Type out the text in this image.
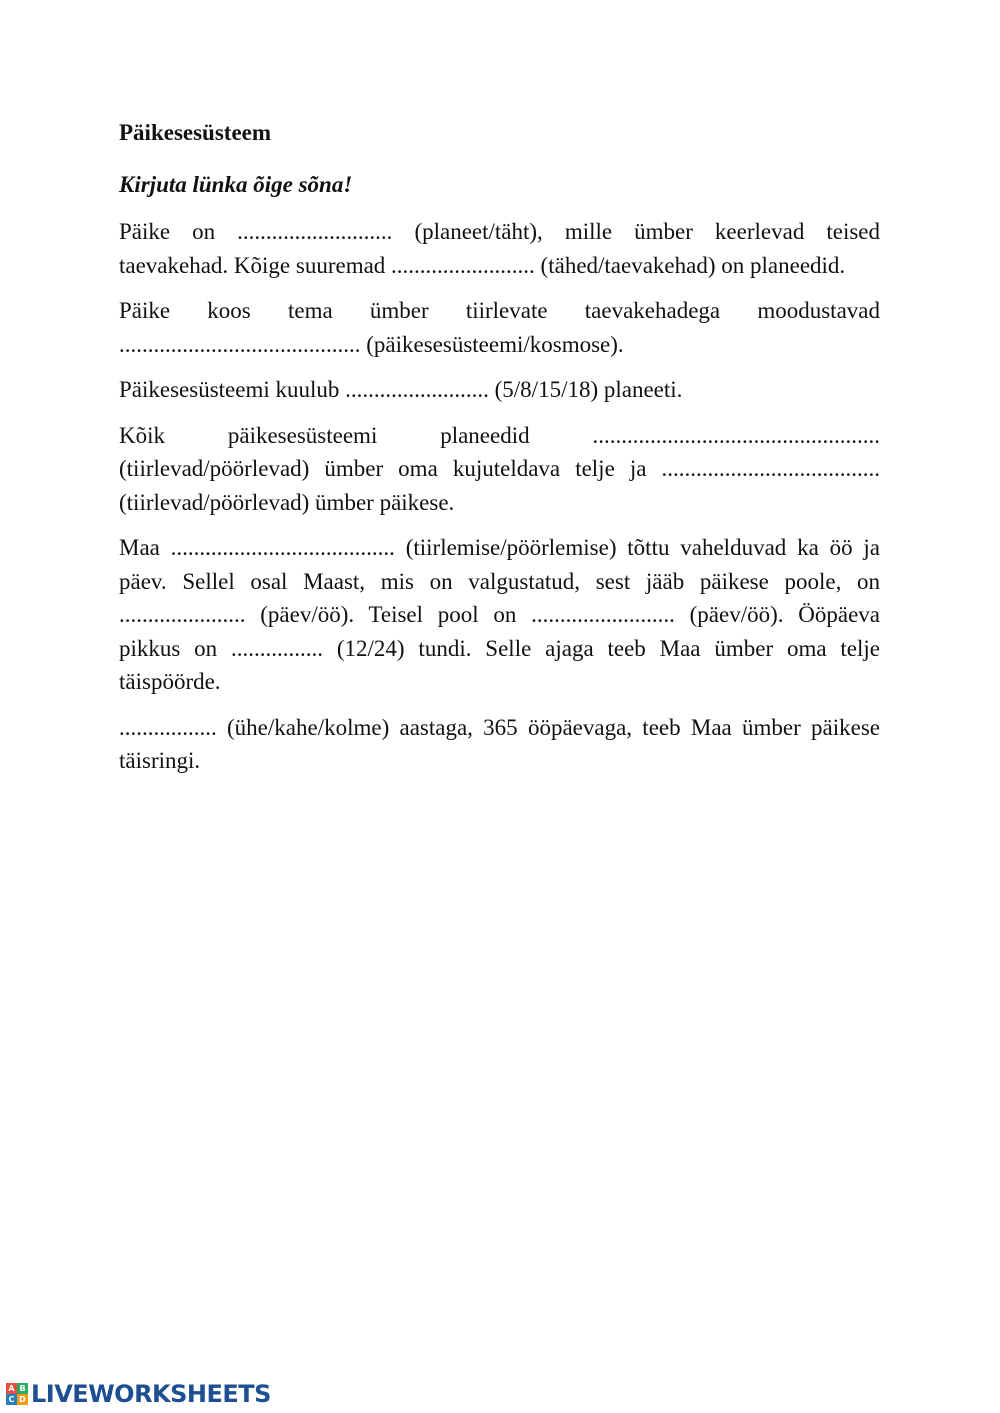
Päikesesüsteem
Kirjuta lünka õige sõna!

Päike on ........................... (planeet/täht), mille ümber keerlevad teised taevakehad. Kõige suuremad ......................... (tähed/taevakehad) on planeedid.

Päike koos tema ümber tiirlevate taevakehadega moodustavad .......................................... (päikesesüsteemi/kosmose).

Päikesesüsteemi kuulub ......................... (5/8/15/18) planeeti.

Kõik päikesesüsteemi planeedid .................................................. (tiirlevad/pöörlevad) ümber oma kujuteldava telje ja ...................................... (tiirlevad/pöörlevad) ümber päikese.

Maa ....................................... (tiirlemise/pöörlemise) tõttu vahelduvad ka öö ja päev. Sellel osal Maast, mis on valgustatud, sest jääb päikese poole, on ...................... (päev/öö). Teisel pool on ......................... (päev/öö). Ööpäeva pikkus on ................ (12/24) tundi. Selle ajaga teeb Maa ümber oma telje täispöörde.

................. (ühe/kahe/kolme) aastaga, 365 ööpäevaga, teeb Maa ümber päikese täisringi.

A B
C D LIVEWORKSHEETS
